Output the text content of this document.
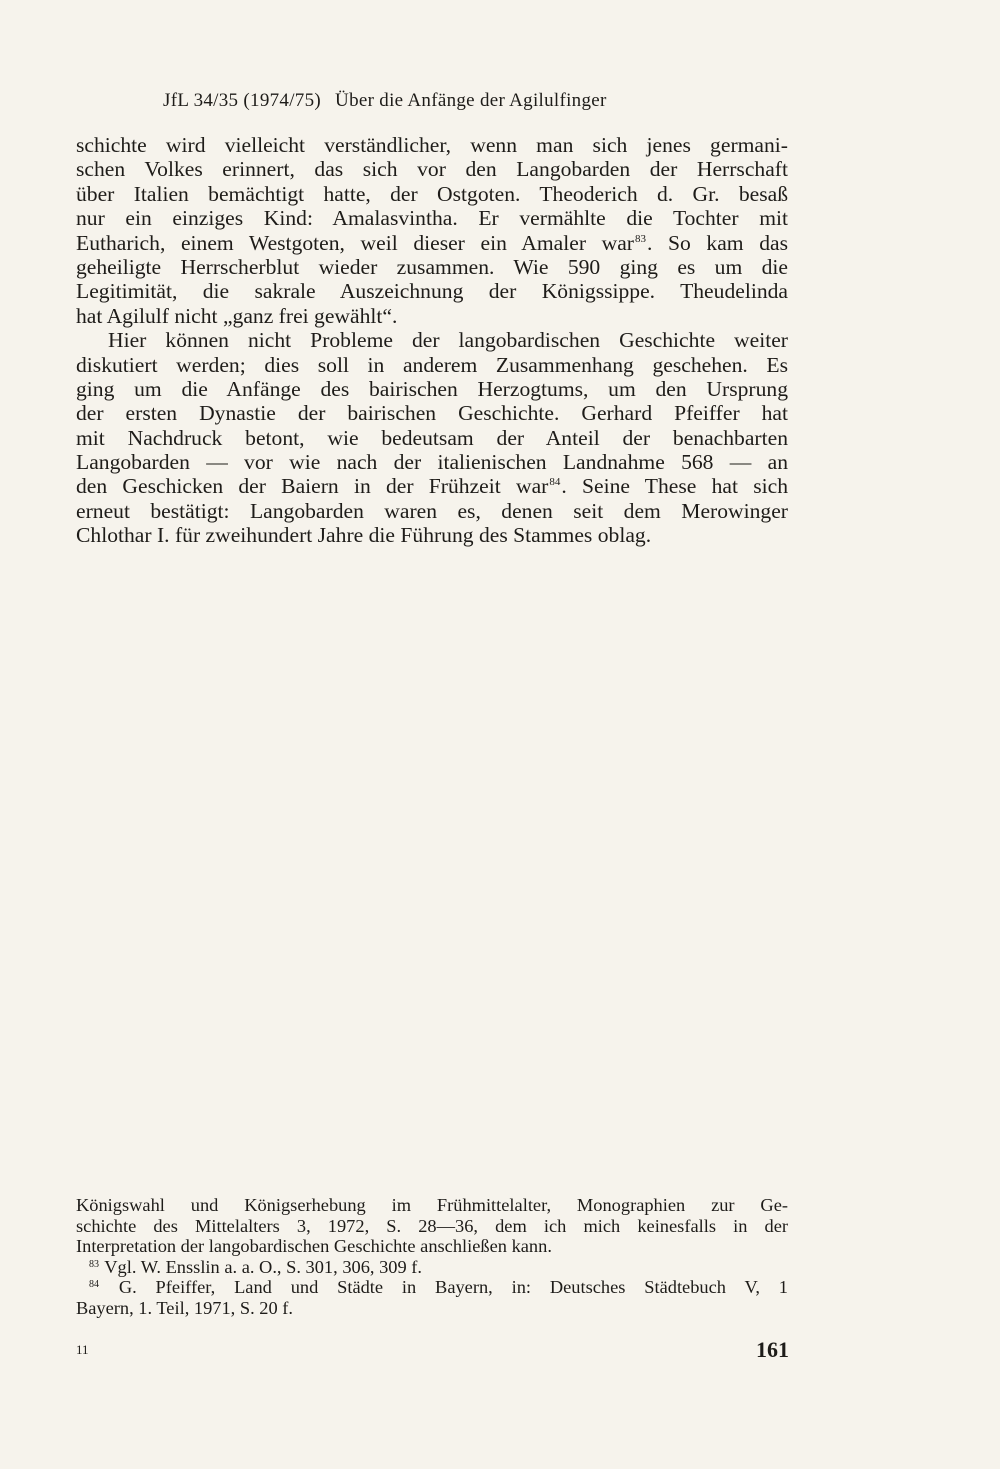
JfL 34/35 (1974/75) Über die Anfänge der Agilulfinger
schichte wird vielleicht verständlicher, wenn man sich jenes germani-
schen Volkes erinnert, das sich vor den Langobarden der Herrschaft
über Italien bemächtigt hatte, der Ostgoten. Theoderich d. Gr. besaß
nur ein einziges Kind: Amalasvintha. Er vermählte die Tochter mit
Eutharich, einem Westgoten, weil dieser ein Amaler war$^{83}$. So kam das
geheiligte Herrscherblut wieder zusammen. Wie 590 ging es um die
Legitimität, die sakrale Auszeichnung der Königssippe. Theudelinda
hat Agilulf nicht „ganz frei gewählt“.
Hier können nicht Probleme der langobardischen Geschichte weiter
diskutiert werden; dies soll in anderem Zusammenhang geschehen. Es
ging um die Anfänge des bairischen Herzogtums, um den Ursprung
der ersten Dynastie der bairischen Geschichte. Gerhard Pfeiffer hat
mit Nachdruck betont, wie bedeutsam der Anteil der benachbarten
Langobarden — vor wie nach der italienischen Landnahme 568 — an
den Geschicken der Baiern in der Frühzeit war$^{84}$. Seine These hat sich
erneut bestätigt: Langobarden waren es, denen seit dem Merowinger
Chlothar I. für zweihundert Jahre die Führung des Stammes oblag.
Königswahl und Königserhebung im Frühmittelalter, Monographien zur Ge-
schichte des Mittelalters 3, 1972, S. 28—36, dem ich mich keinesfalls in der
Interpretation der langobardischen Geschichte anschließen kann.
$^{83}$ Vgl. W. Ensslin a. a. O., S. 301, 306, 309 f.
$^{84}$ G. Pfeiffer, Land und Städte in Bayern, in: Deutsches Städtebuch V, 1
Bayern, 1. Teil, 1971, S. 20 f.
11	161
